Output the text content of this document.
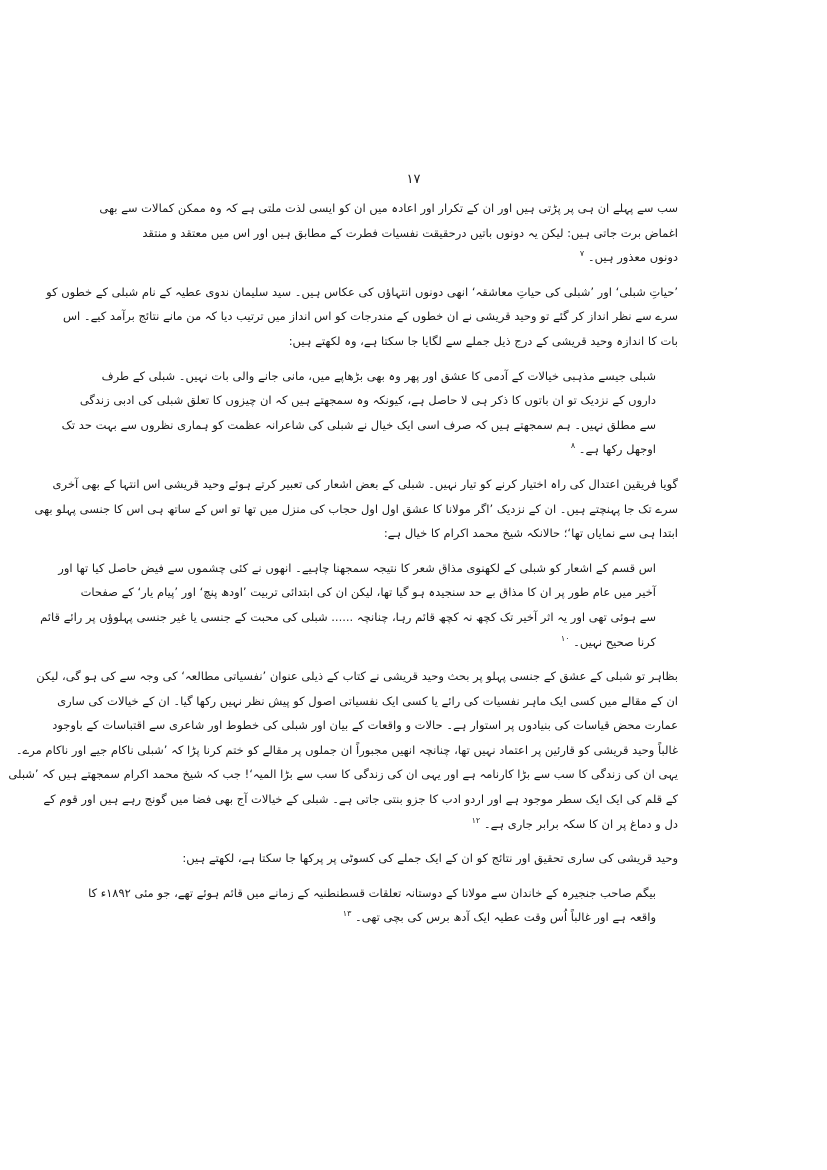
۱۷
سب سے پہلے ان ہی پر پڑتی ہیں اور ان کے تکرار اور اعادہ میں ان کو ایسی لذت ملتی ہے کہ وہ ممکن کمالات سے بھی
اغماض برت جاتی ہیں: لیکن یہ دونوں باتیں درحقیقت نفسیات فطرت کے مطابق ہیں اور اس میں معتقد و منتقد
دونوں معذور ہیں۔ $^۷$
’حیاتِ شبلی‘ اور ’شبلی کی حیاتِ معاشقہ‘ انھی دونوں انتہاؤں کی عکاس ہیں۔ سید سلیمان ندوی عطیہ کے نام شبلی کے خطوں کو
سرے سے نظر انداز کر گئے تو وحید قریشی نے ان خطوں کے مندرجات کو اس انداز میں ترتیب دیا کہ من مانے نتائج برآمد کیے۔ اس
بات کا اندازہ وحید قریشی کے درج ذیل جملے سے لگایا جا سکتا ہے، وہ لکھتے ہیں:
شبلی جیسے مذہبی خیالات کے آدمی کا عشق اور پھر وہ بھی بڑھاپے میں، مانی جانے والی بات نہیں۔ شبلی کے طرف
داروں کے نزدیک تو ان باتوں کا ذکر ہی لا حاصل ہے، کیونکہ وہ سمجھتے ہیں کہ ان چیزوں کا تعلق شبلی کی ادبی زندگی
سے مطلق نہیں۔ ہم سمجھتے ہیں کہ صرف اسی ایک خیال نے شبلی کی شاعرانہ عظمت کو ہماری نظروں سے بہت حد تک
اوجھل رکھا ہے۔ $^۸$
گویا فریقین اعتدال کی راہ اختیار کرنے کو تیار نہیں۔ شبلی کے بعض اشعار کی تعبیر کرتے ہوئے وحید قریشی اس انتہا کے بھی آخری
سرے تک جا پہنچتے ہیں۔ ان کے نزدیک ’اگر مولانا کا عشق اول اول حجاب کی منزل میں تھا تو اس کے ساتھ ہی اس کا جنسی پہلو بھی
ابتدا ہی سے نمایاں تھا‘؛ حالانکہ شیخ محمد اکرام کا خیال ہے:
اس قسم کے اشعار کو شبلی کے لکھنوی مذاق شعر کا نتیجہ سمجھنا چاہیے۔ انھوں نے کئی چشموں سے فیض حاصل کیا تھا اور
آخیر میں عام طور پر ان کا مذاق بے حد سنجیدہ ہو گیا تھا، لیکن ان کی ابتدائی تربیت ’اودھ پنچ‘ اور ’پیام یار‘ کے صفحات
سے ہوئی تھی اور یہ اثر آخیر تک کچھ نہ کچھ قائم رہا، چنانچہ ...... شبلی کی محبت کے جنسی یا غیر جنسی پہلوؤں پر رائے قائم
کرنا صحیح نہیں۔ $^{۱۰}$
بظاہر تو شبلی کے عشق کے جنسی پہلو پر بحث وحید قریشی نے کتاب کے ذیلی عنوان ’نفسیاتی مطالعہ‘ کی وجہ سے کی ہو گی، لیکن
ان کے مقالے میں کسی ایک ماہر نفسیات کی رائے یا کسی ایک نفسیاتی اصول کو پیش نظر نہیں رکھا گیا۔ ان کے خیالات کی ساری
عمارت محض قیاسات کی بنیادوں پر استوار ہے۔ حالات و واقعات کے بیان اور شبلی کی خطوط اور شاعری سے اقتباسات کے باوجود
غالباً وحید قریشی کو قارئین پر اعتماد نہیں تھا، چنانچہ انھیں مجبوراً ان جملوں پر مقالے کو ختم کرنا پڑا کہ ’شبلی ناکام جیے اور ناکام مرے۔
یہی ان کی زندگی کا سب سے بڑا کارنامہ ہے اور یہی ان کی زندگی کا سب سے بڑا المیہ‘! جب کہ شیخ محمد اکرام سمجھتے ہیں کہ ’شبلی
کے قلم کی ایک ایک سطر موجود ہے اور اردو ادب کا جزو بنتی جاتی ہے۔ شبلی کے خیالات آج بھی فضا میں گونج رہے ہیں اور قوم کے
دل و دماغ پر ان کا سکہ برابر جاری ہے۔ $^{۱۲}$
وحید قریشی کی ساری تحقیق اور نتائج کو ان کے ایک جملے کی کسوٹی پر پرکھا جا سکتا ہے، لکھتے ہیں:
بیگم صاحب جنجیرہ کے خاندان سے مولانا کے دوستانہ تعلقات قسطنطنیہ کے زمانے میں قائم ہوئے تھے، جو مئی ۱۸۹۲ء کا
واقعہ ہے اور غالباً اُس وقت عطیہ ایک آدھ برس کی بچی تھی۔ $^{۱۳}$
